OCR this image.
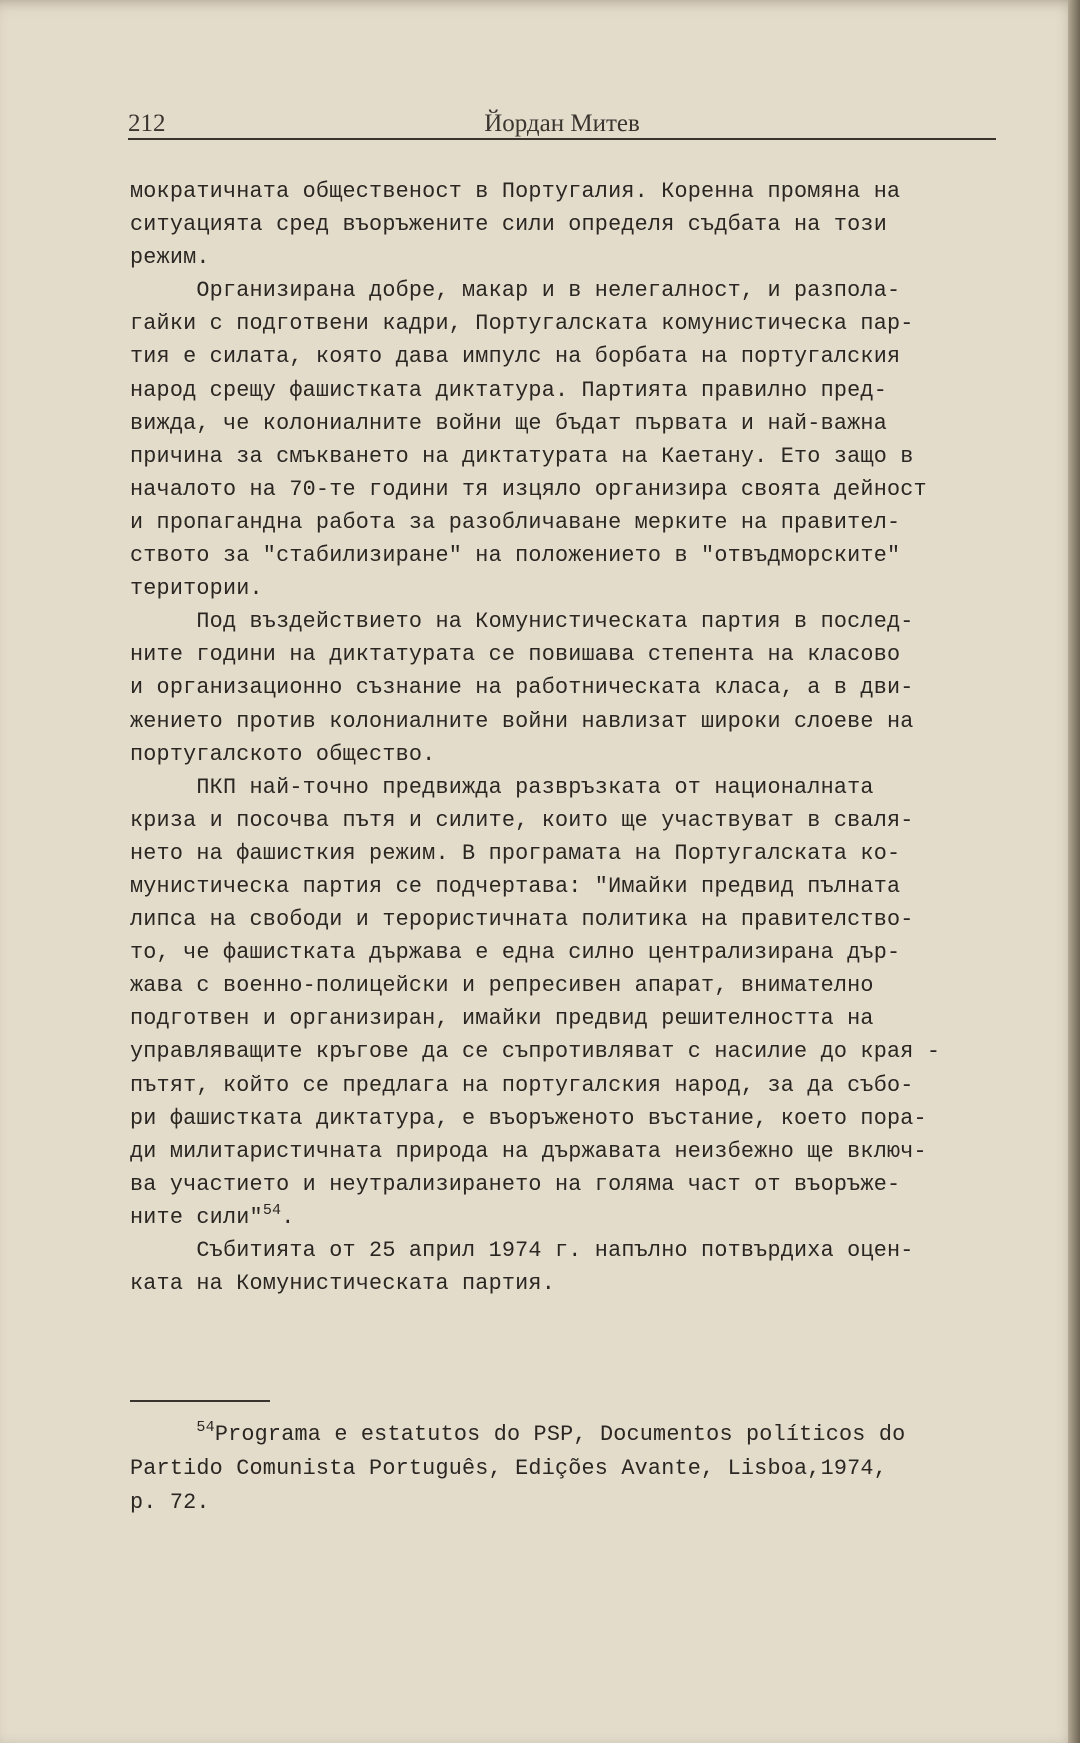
Йордан Митев
212
мократичната общественост в Португалия. Коренна промяна на
ситуацията сред въоръжените сили определя съдбата на този
режим.
Организирана добре, макар и в нелегалност, и разпола-
гайки с подготвени кадри, Португалската комунистическа пар-
тия е силата, която дава импулс на борбата на португалския
народ срещу фашистката диктатура. Партията правилно пред-
вижда, че колониалните войни ще бъдат първата и най-важна
причина за смъкването на диктатурата на Каетану. Ето защо в
началото на 70-те години тя изцяло организира своята дейност
и пропагандна работа за разобличаване мерките на правител-
ството за "стабилизиране" на положението в "отвъдморските"
територии.
Под въздействието на Комунистическата партия в послед-
ните години на диктатурата се повишава степента на класово
и организационно съзнание на работническата класа, а в дви-
жението против колониалните войни навлизат широки слоеве на
португалското общество.
ПКП най-точно предвижда развръзката от националната
криза и посочва пътя и силите, които ще участвуват в сваля-
нето на фашисткия режим. В програмата на Португалската ко-
мунистическа партия се подчертава: "Имайки предвид пълната
липса на свободи и терористичната политика на правителство-
то, че фашистката държава е една силно централизирана дър-
жава с военно-полицейски и репресивен апарат, внимателно
подготвен и организиран, имайки предвид решителността на
управляващите кръгове да се съпротивляват с насилие до края -
пътят, който се предлага на португалския народ, за да събо-
ри фашистката диктатура, е въоръженото въстание, което пора-
ди милитаристичната природа на държавата неизбежно ще включ-
ва участието и неутрализирането на голяма част от въоръже-
ните сили"$^{54}$.
Събитията от 25 април 1974 г. напълно потвърдиха оцен-
ката на Комунистическата партия.
$^{54}$Programa e estatutos do PSP, Documentos políticos do
Partido Comunista Português, Edições Avante, Lisboa,1974,
p. 72.
